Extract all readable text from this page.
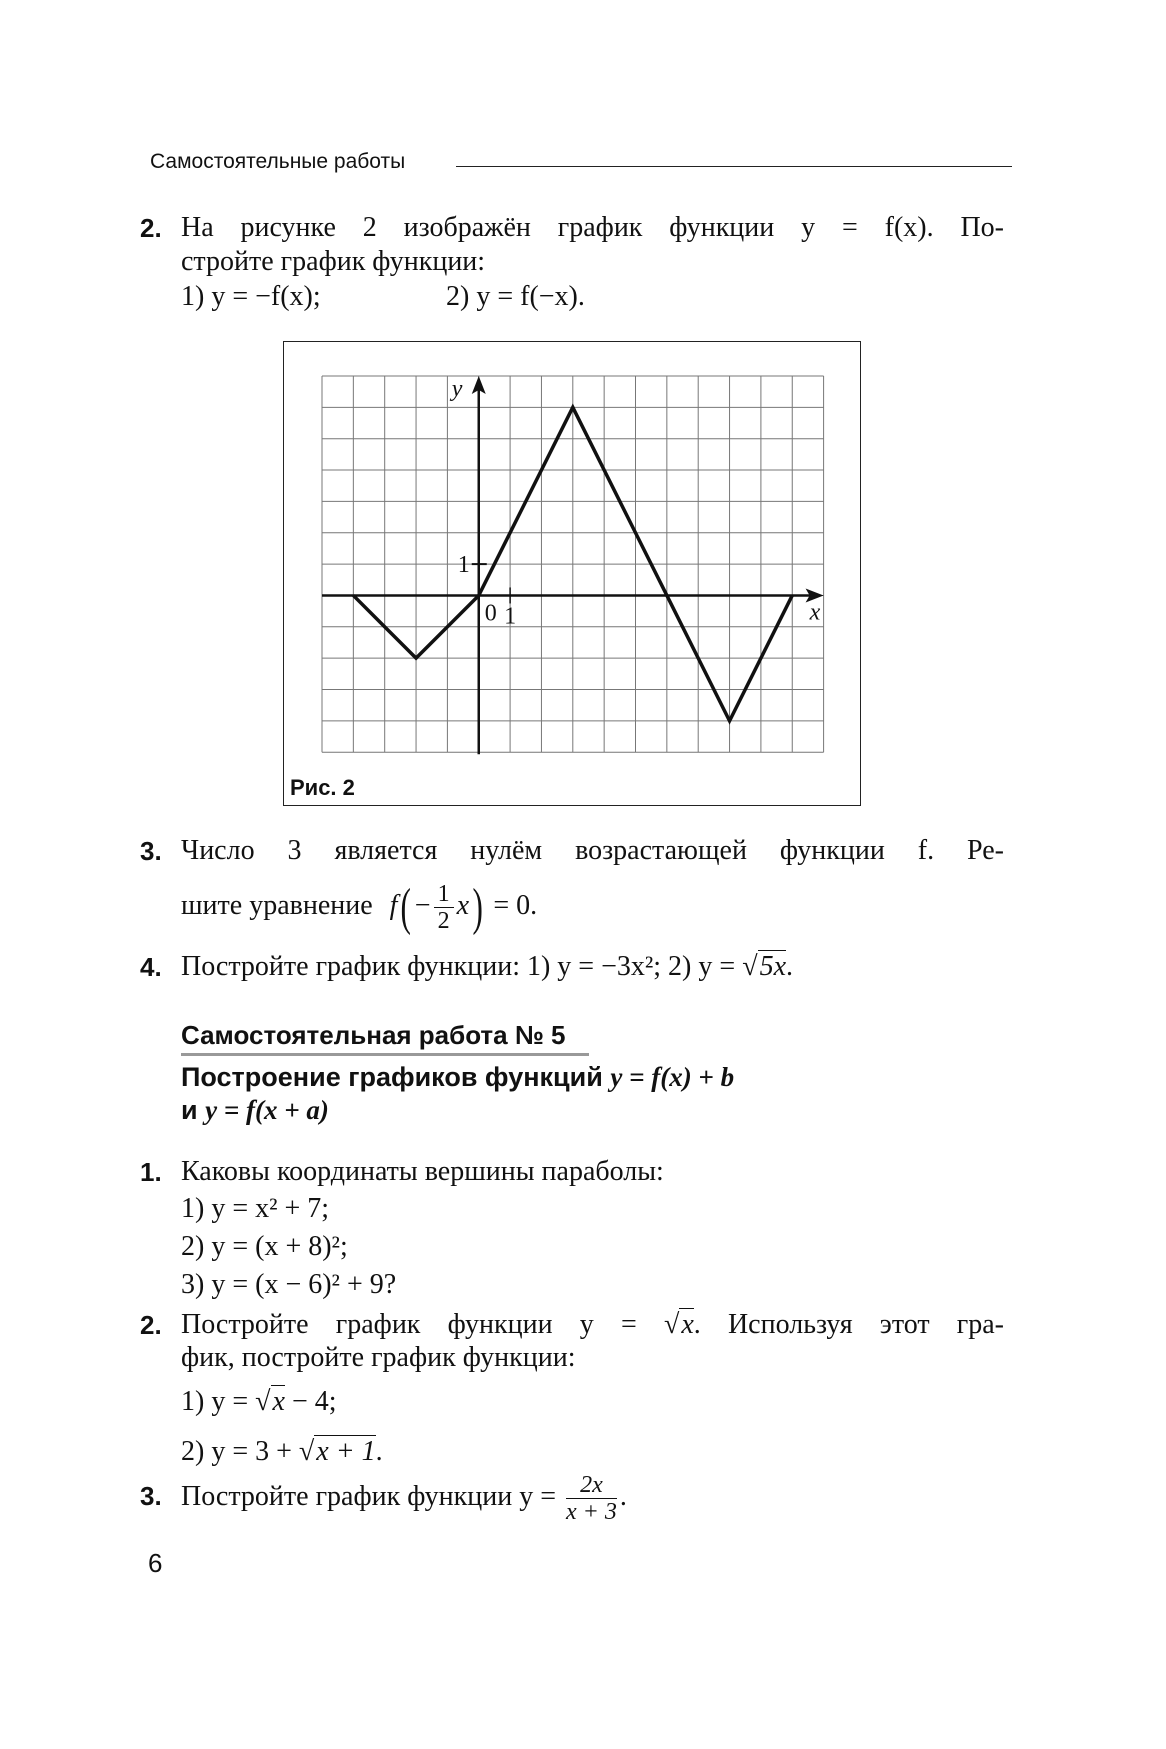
Самостоятельные работы
2. На рисунке 2 изображён график функции y = f(x). По-
стройте график функции:
1) y = −f(x);	2) y = f(−x).
y
x
0 1
1
Рис. 2
3. Число 3 является нулём возрастающей функции f. Ре-
шите уравнение $f( - \frac{1}{2} x) = 0$.
4. Постройте график функции: 1) y = −3x²; 2) y = √5x.
Самостоятельная работа № 5
Построение графиков функций y = f(x) + b
и y = f(x + a)
1. Каковы координаты вершины параболы:
1) y = x² + 7;
2) y = (x + 8)²;
3) y = (x − 6)² + 9?
2. Постройте график функции y = √x. Используя этот гра-
фик, постройте график функции:
1) y = √x − 4;
2) y = 3 + √x + 1.
3. Постройте график функции $y = \frac{2x}{x + 3}$ .
6
